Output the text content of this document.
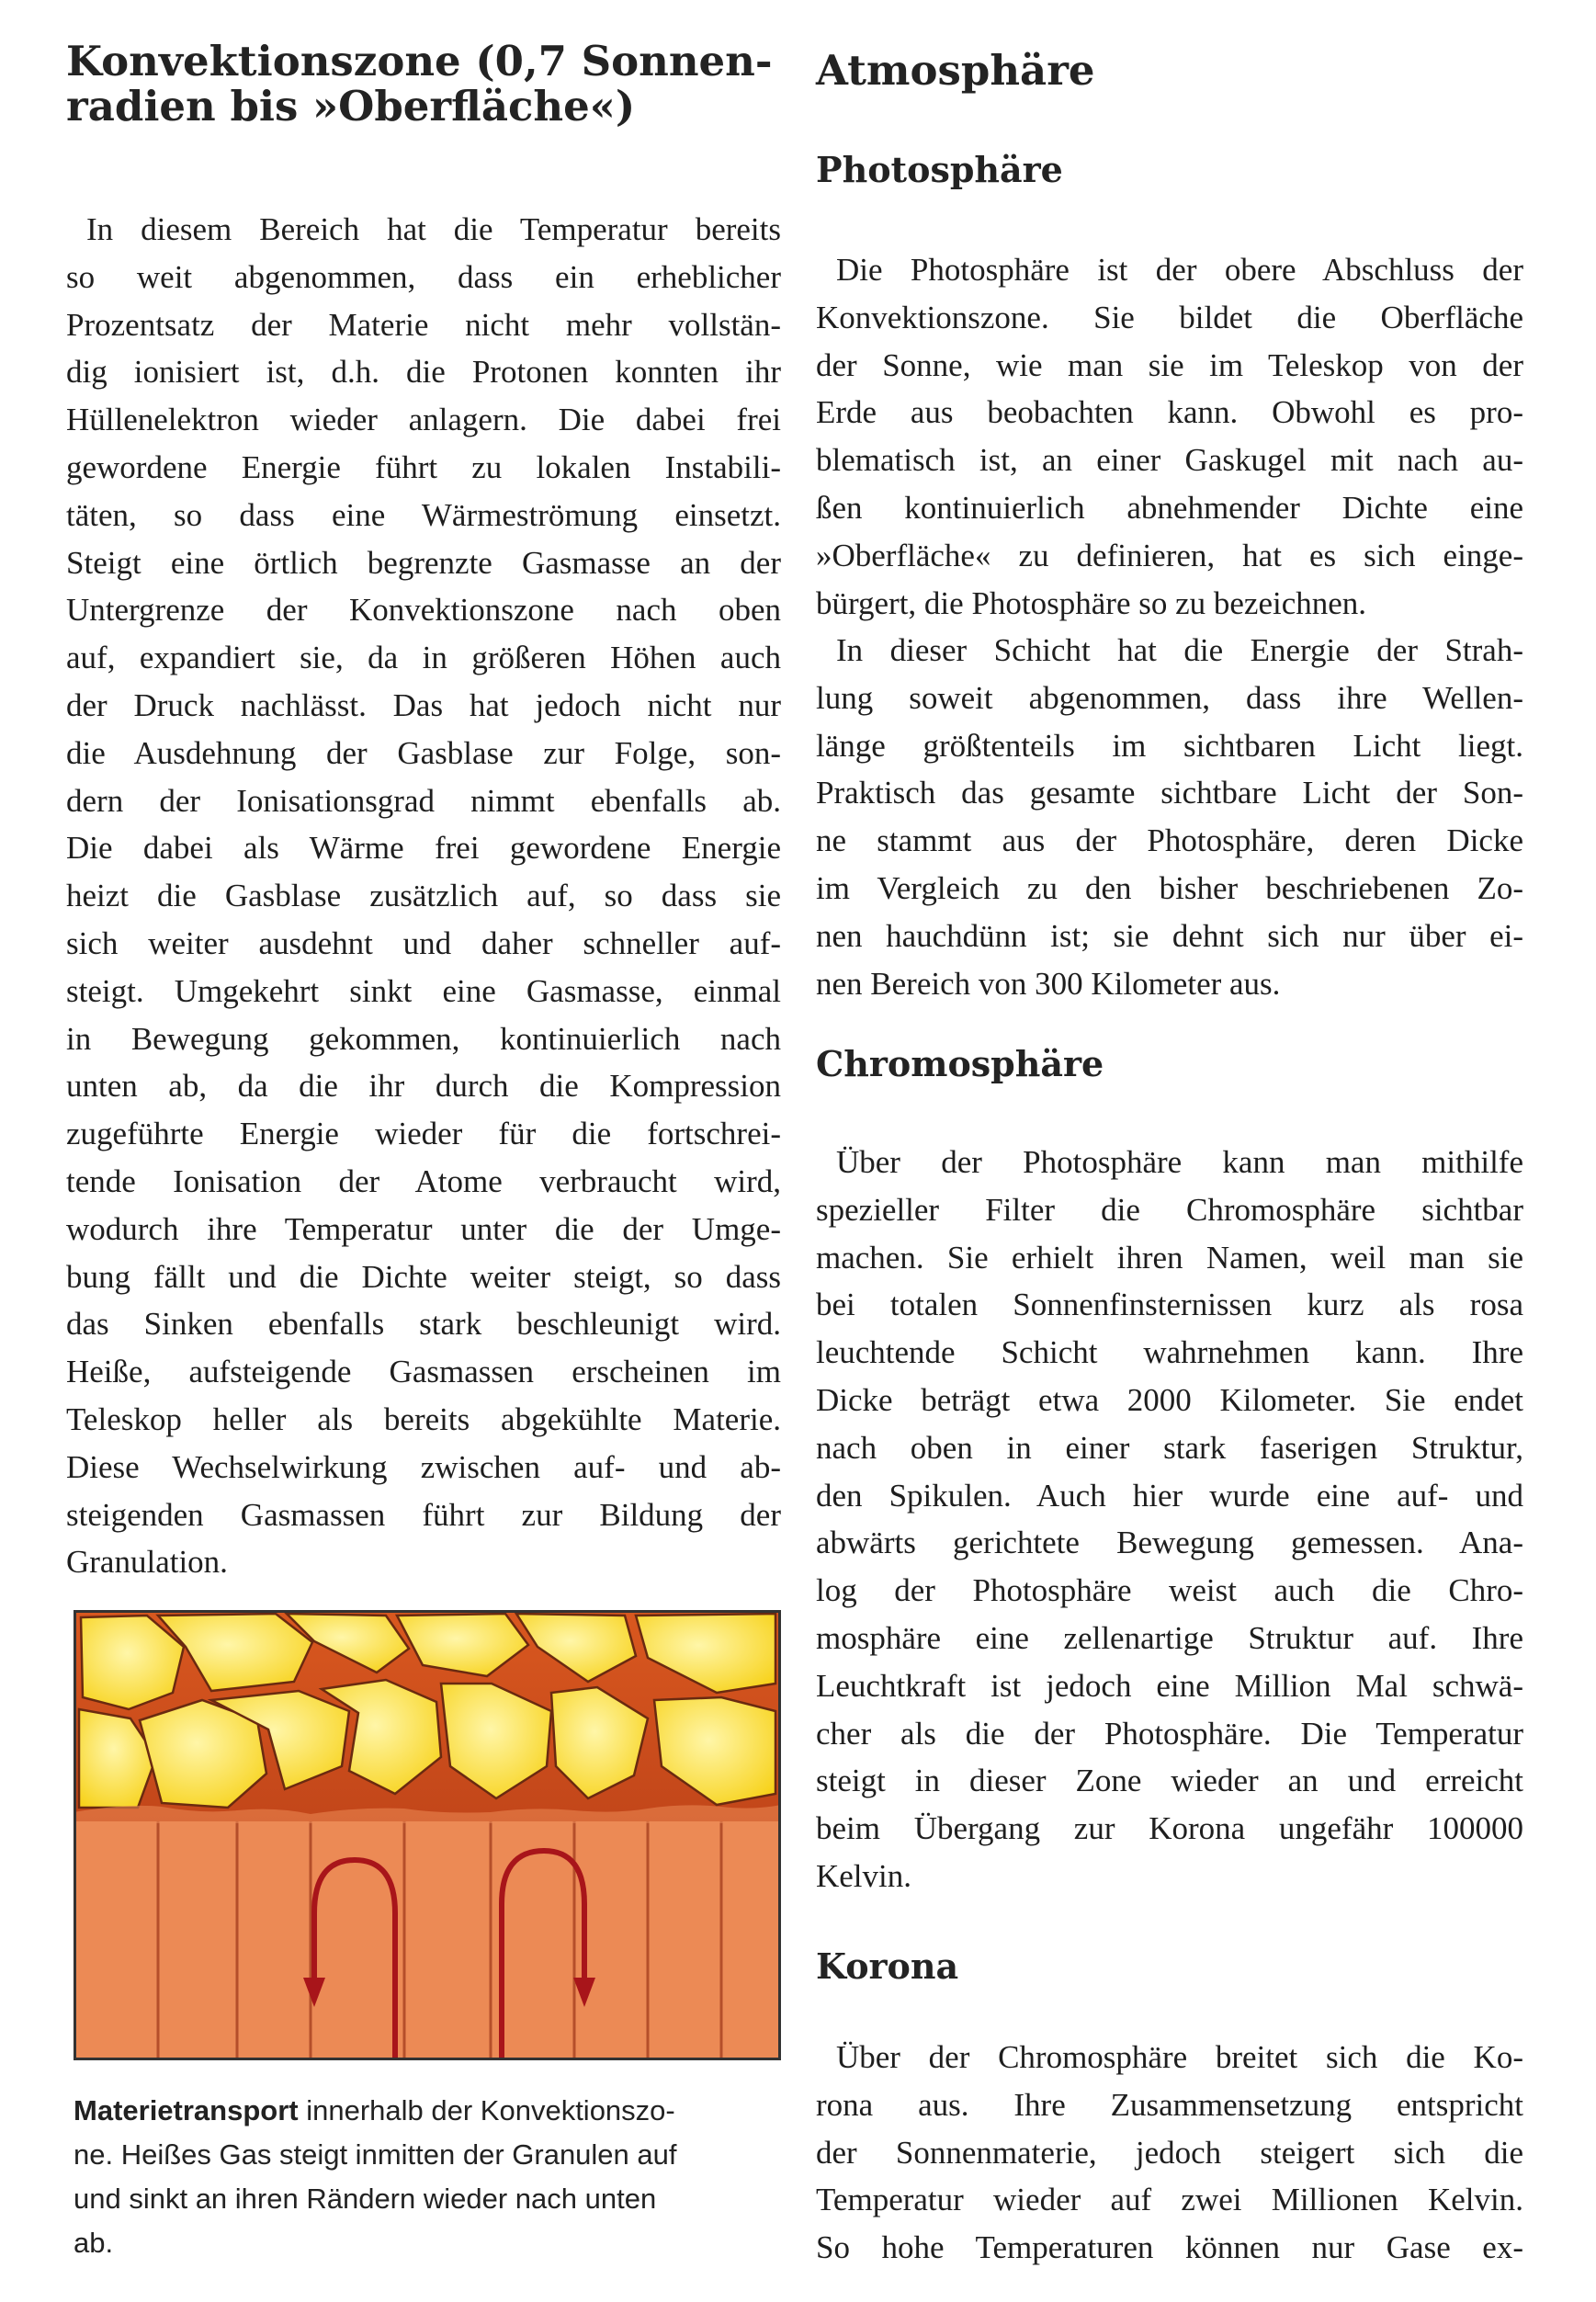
Konvektionszone (0,7 Sonnen-
radien bis »Oberfläche«)
In diesem Bereich hat die Temperatur bereits
so weit abgenommen, dass ein erheblicher
Prozentsatz der Materie nicht mehr vollstän-
dig ionisiert ist, d.h. die Protonen konnten ihr
Hüllenelektron wieder anlagern. Die dabei frei
gewordene Energie führt zu lokalen Instabili-
täten, so dass eine Wärmeströmung einsetzt.
Steigt eine örtlich begrenzte Gasmasse an der
Untergrenze der Konvektionszone nach oben
auf, expandiert sie, da in größeren Höhen auch
der Druck nachlässt. Das hat jedoch nicht nur
die Ausdehnung der Gasblase zur Folge, son-
dern der Ionisationsgrad nimmt ebenfalls ab.
Die dabei als Wärme frei gewordene Energie
heizt die Gasblase zusätzlich auf, so dass sie
sich weiter ausdehnt und daher schneller auf-
steigt. Umgekehrt sinkt eine Gasmasse, einmal
in Bewegung gekommen, kontinuierlich nach
unten ab, da die ihr durch die Kompression
zugeführte Energie wieder für die fortschrei-
tende Ionisation der Atome verbraucht wird,
wodurch ihre Temperatur unter die der Umge-
bung fällt und die Dichte weiter steigt, so dass
das Sinken ebenfalls stark beschleunigt wird.
Heiße, aufsteigende Gasmassen erscheinen im
Teleskop heller als bereits abgekühlte Materie.
Diese Wechselwirkung zwischen auf- und ab-
steigenden Gasmassen führt zur Bildung der
Granulation.
Materietransport innerhalb der Konvektionszo-
ne. Heißes Gas steigt inmitten der Granulen auf
und sinkt an ihren Rändern wieder nach unten
ab.
Atmosphäre
Photosphäre
Die Photosphäre ist der obere Abschluss der
Konvektionszone. Sie bildet die Oberfläche
der Sonne, wie man sie im Teleskop von der
Erde aus beobachten kann. Obwohl es pro-
blematisch ist, an einer Gaskugel mit nach au-
ßen kontinuierlich abnehmender Dichte eine
»Oberfläche« zu definieren, hat es sich einge-
bürgert, die Photosphäre so zu bezeichnen.
In dieser Schicht hat die Energie der Strah-
lung soweit abgenommen, dass ihre Wellen-
länge größtenteils im sichtbaren Licht liegt.
Praktisch das gesamte sichtbare Licht der Son-
ne stammt aus der Photosphäre, deren Dicke
im Vergleich zu den bisher beschriebenen Zo-
nen hauchdünn ist; sie dehnt sich nur über ei-
nen Bereich von 300 Kilometer aus.
Chromosphäre
Über der Photosphäre kann man mithilfe
spezieller Filter die Chromosphäre sichtbar
machen. Sie erhielt ihren Namen, weil man sie
bei totalen Sonnenfinsternissen kurz als rosa
leuchtende Schicht wahrnehmen kann. Ihre
Dicke beträgt etwa 2000 Kilometer. Sie endet
nach oben in einer stark faserigen Struktur,
den Spikulen. Auch hier wurde eine auf- und
abwärts gerichtete Bewegung gemessen. Ana-
log der Photosphäre weist auch die Chro-
mosphäre eine zellenartige Struktur auf. Ihre
Leuchtkraft ist jedoch eine Million Mal schwä-
cher als die der Photosphäre. Die Temperatur
steigt in dieser Zone wieder an und erreicht
beim Übergang zur Korona ungefähr 100000
Kelvin.
Korona
Über der Chromosphäre breitet sich die Ko-
rona aus. Ihre Zusammensetzung entspricht
der Sonnenmaterie, jedoch steigert sich die
Temperatur wieder auf zwei Millionen Kelvin.
So hohe Temperaturen können nur Gase ex-
